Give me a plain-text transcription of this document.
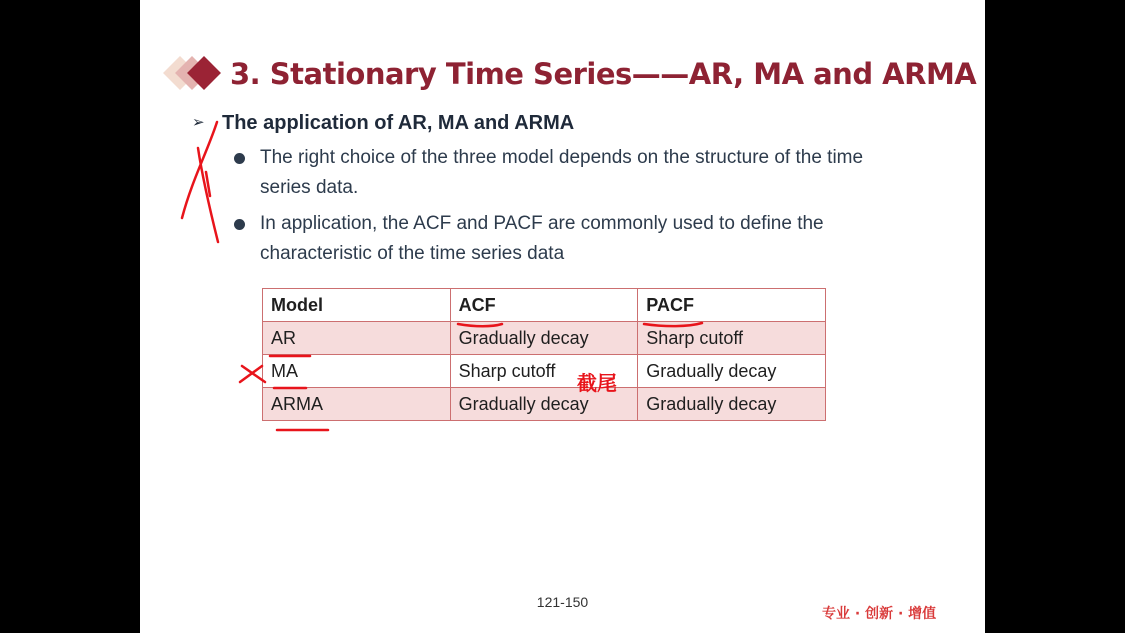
3. Stationary Time Series——AR, MA and ARMA
➢ The application of AR, MA and ARMA
The right choice of the three model depends on the structure of the time series data.
In application, the ACF and PACF are commonly used to define the characteristic of the time series data
Model	ACF	PACF
AR	Gradually decay	Sharp cutoff
MA	Sharp cutoff	Gradually decay
ARMA	Gradually decay	Gradually decay
截尾
121-150
专业 · 创新 · 增值
